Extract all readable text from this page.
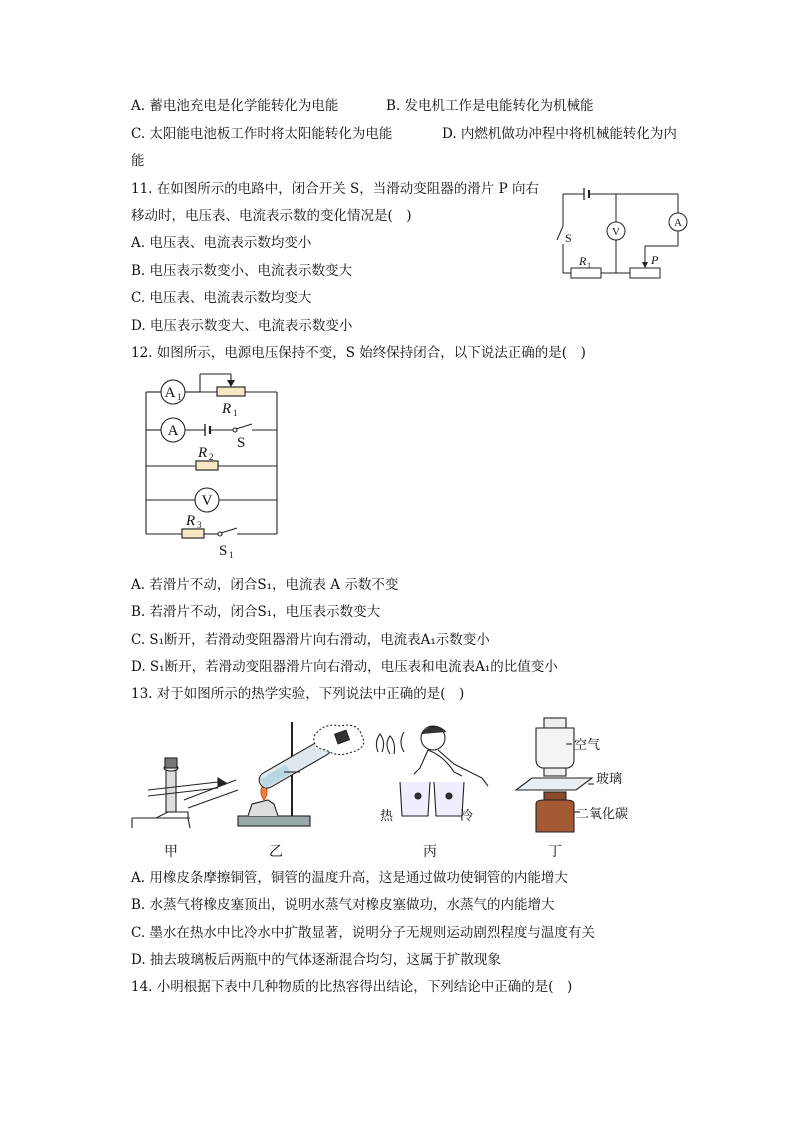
A. 蓄电池充电是化学能转化为电能	B. 发电机工作是电能转化为机械能
C. 太阳能电池板工作时将太阳能转化为电能	D. 内燃机做功冲程中将机械能转化为内
能
11. 在如图所示的电路中，闭合开关 S，当滑动变阻器的滑片 P 向右
移动时，电压表、电流表示数的变化情况是(　)
A. 电压表、电流表示数均变小
B. 电压表示数变小、电流表示数变大
C. 电压表、电流表示数均变大
D. 电压表示数变大、电流表示数变小
S	V
A
R 1	P
12. 如图所示，电源电压保持不变，S 始终保持闭合，以下说法正确的是(　)
A 1
R 1
A
S
R 2
V
R 3
S 1
A. 若滑片不动，闭合S₁，电流表 A 示数不变
B. 若滑片不动，闭合S₁，电压表示数变大
C. S₁断开，若滑动变阻器滑片向右滑动，电流表A₁示数变小
D. S₁断开，若滑动变阻器滑片向右滑动，电压表和电流表A₁的比值变小
13. 对于如图所示的热学实验，下列说法中正确的是(　)
甲	乙
热	冷
丙
空气
玻璃
二氧化碳
丁
A. 用橡皮条摩擦铜管，铜管的温度升高，这是通过做功使铜管的内能增大
B. 水蒸气将橡皮塞顶出，说明水蒸气对橡皮塞做功，水蒸气的内能增大
C. 墨水在热水中比冷水中扩散显著，说明分子无规则运动剧烈程度与温度有关
D. 抽去玻璃板后两瓶中的气体逐渐混合均匀，这属于扩散现象
14. 小明根据下表中几种物质的比热容得出结论，下列结论中正确的是(　)
